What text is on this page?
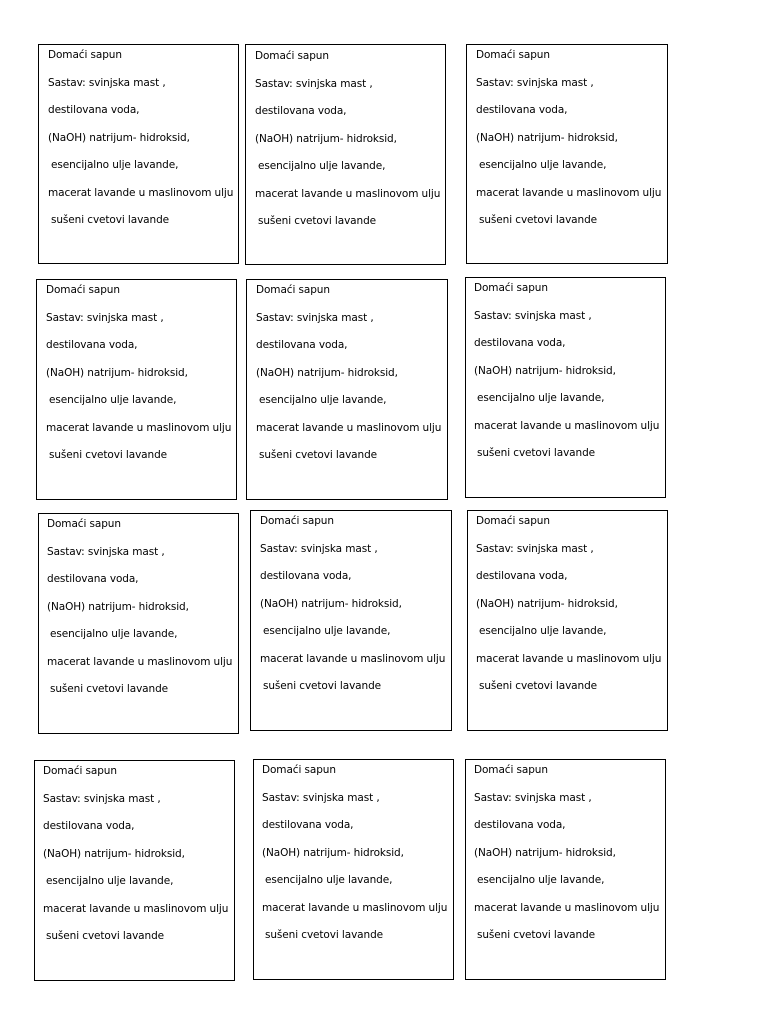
Domaći sapun
Sastav: svinjska mast ,
destilovana voda,
(NaOH) natrijum- hidroksid,
esencijalno ulje lavande,
macerat lavande u maslinovom ulju
sušeni cvetovi lavande
Domaći sapun
Sastav: svinjska mast ,
destilovana voda,
(NaOH) natrijum- hidroksid,
esencijalno ulje lavande,
macerat lavande u maslinovom ulju
sušeni cvetovi lavande
Domaći sapun
Sastav: svinjska mast ,
destilovana voda,
(NaOH) natrijum- hidroksid,
esencijalno ulje lavande,
macerat lavande u maslinovom ulju
sušeni cvetovi lavande
Domaći sapun
Sastav: svinjska mast ,
destilovana voda,
(NaOH) natrijum- hidroksid,
esencijalno ulje lavande,
macerat lavande u maslinovom ulju
sušeni cvetovi lavande
Domaći sapun
Sastav: svinjska mast ,
destilovana voda,
(NaOH) natrijum- hidroksid,
esencijalno ulje lavande,
macerat lavande u maslinovom ulju
sušeni cvetovi lavande
Domaći sapun
Sastav: svinjska mast ,
destilovana voda,
(NaOH) natrijum- hidroksid,
esencijalno ulje lavande,
macerat lavande u maslinovom ulju
sušeni cvetovi lavande
Domaći sapun
Sastav: svinjska mast ,
destilovana voda,
(NaOH) natrijum- hidroksid,
esencijalno ulje lavande,
macerat lavande u maslinovom ulju
sušeni cvetovi lavande
Domaći sapun
Sastav: svinjska mast ,
destilovana voda,
(NaOH) natrijum- hidroksid,
esencijalno ulje lavande,
macerat lavande u maslinovom ulju
sušeni cvetovi lavande
Domaći sapun
Sastav: svinjska mast ,
destilovana voda,
(NaOH) natrijum- hidroksid,
esencijalno ulje lavande,
macerat lavande u maslinovom ulju
sušeni cvetovi lavande
Domaći sapun
Sastav: svinjska mast ,
destilovana voda,
(NaOH) natrijum- hidroksid,
esencijalno ulje lavande,
macerat lavande u maslinovom ulju
sušeni cvetovi lavande
Domaći sapun
Sastav: svinjska mast ,
destilovana voda,
(NaOH) natrijum- hidroksid,
esencijalno ulje lavande,
macerat lavande u maslinovom ulju
sušeni cvetovi lavande
Domaći sapun
Sastav: svinjska mast ,
destilovana voda,
(NaOH) natrijum- hidroksid,
esencijalno ulje lavande,
macerat lavande u maslinovom ulju
sušeni cvetovi lavande
